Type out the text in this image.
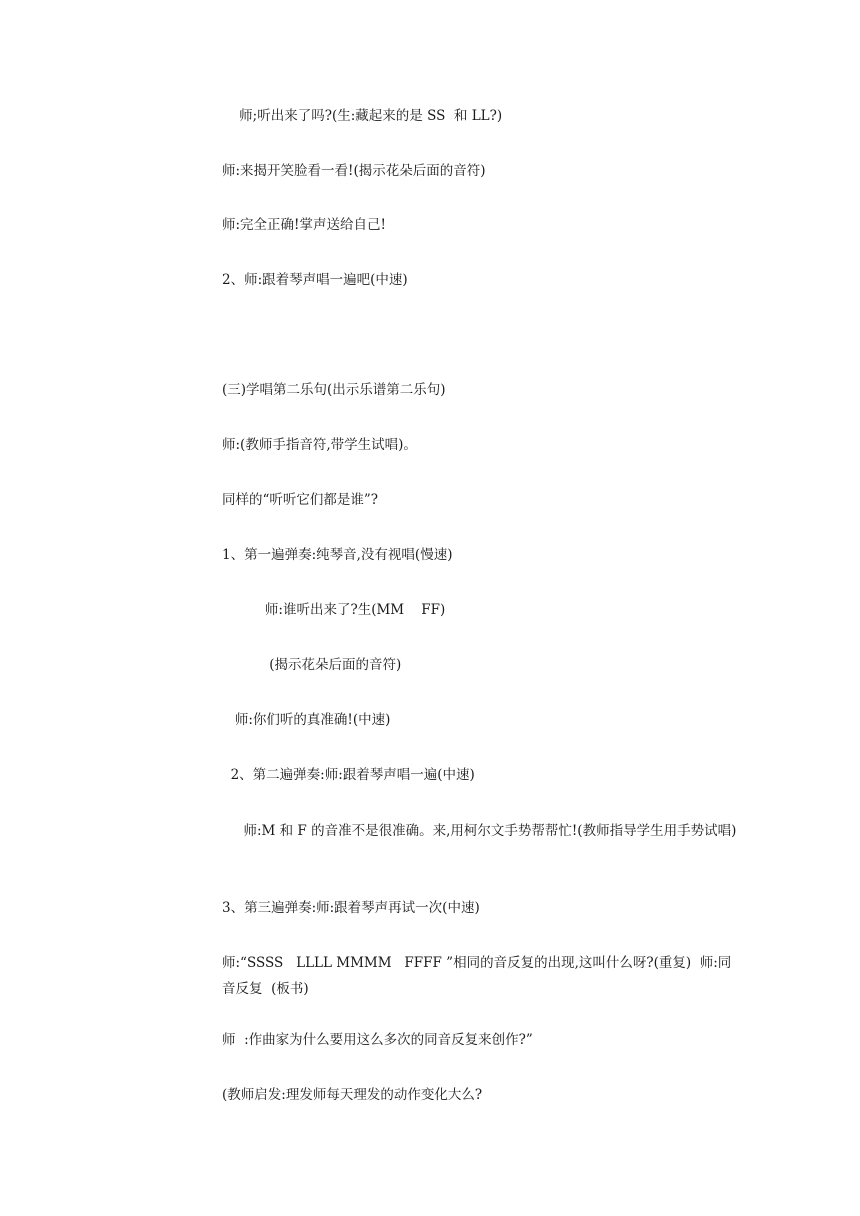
师;听出来了吗?(生:藏起来的是 SS  和 LL?)

师:来揭开笑脸看一看!(揭示花朵后面的音符)

师:完全正确!掌声送给自己!

2、师:跟着琴声唱一遍吧(中速)

(三)学唱第二乐句(出示乐谱第二乐句)

师:(教师手指音符,带学生试唱)。

同样的“听听它们都是谁”?

1、第一遍弹奏:纯琴音,没有视唱(慢速)

师:谁听出来了?生(MM    FF)

(揭示花朵后面的音符)

师:你们听的真准确!(中速)

2、第二遍弹奏:师:跟着琴声唱一遍(中速)

师:M 和 F 的音准不是很准确。来,用柯尔文手势帮帮忙!(教师指导学生用手势试唱)

3、第三遍弹奏:师:跟着琴声再试一次(中速)

师:“SSSS   LLLL MMMM   FFFF ”相同的音反复的出现,这叫什么呀?(重复)  师:同音反复  (板书)

师  :作曲家为什么要用这么多次的同音反复来创作?”

(教师启发:理发师每天理发的动作变化大么?
